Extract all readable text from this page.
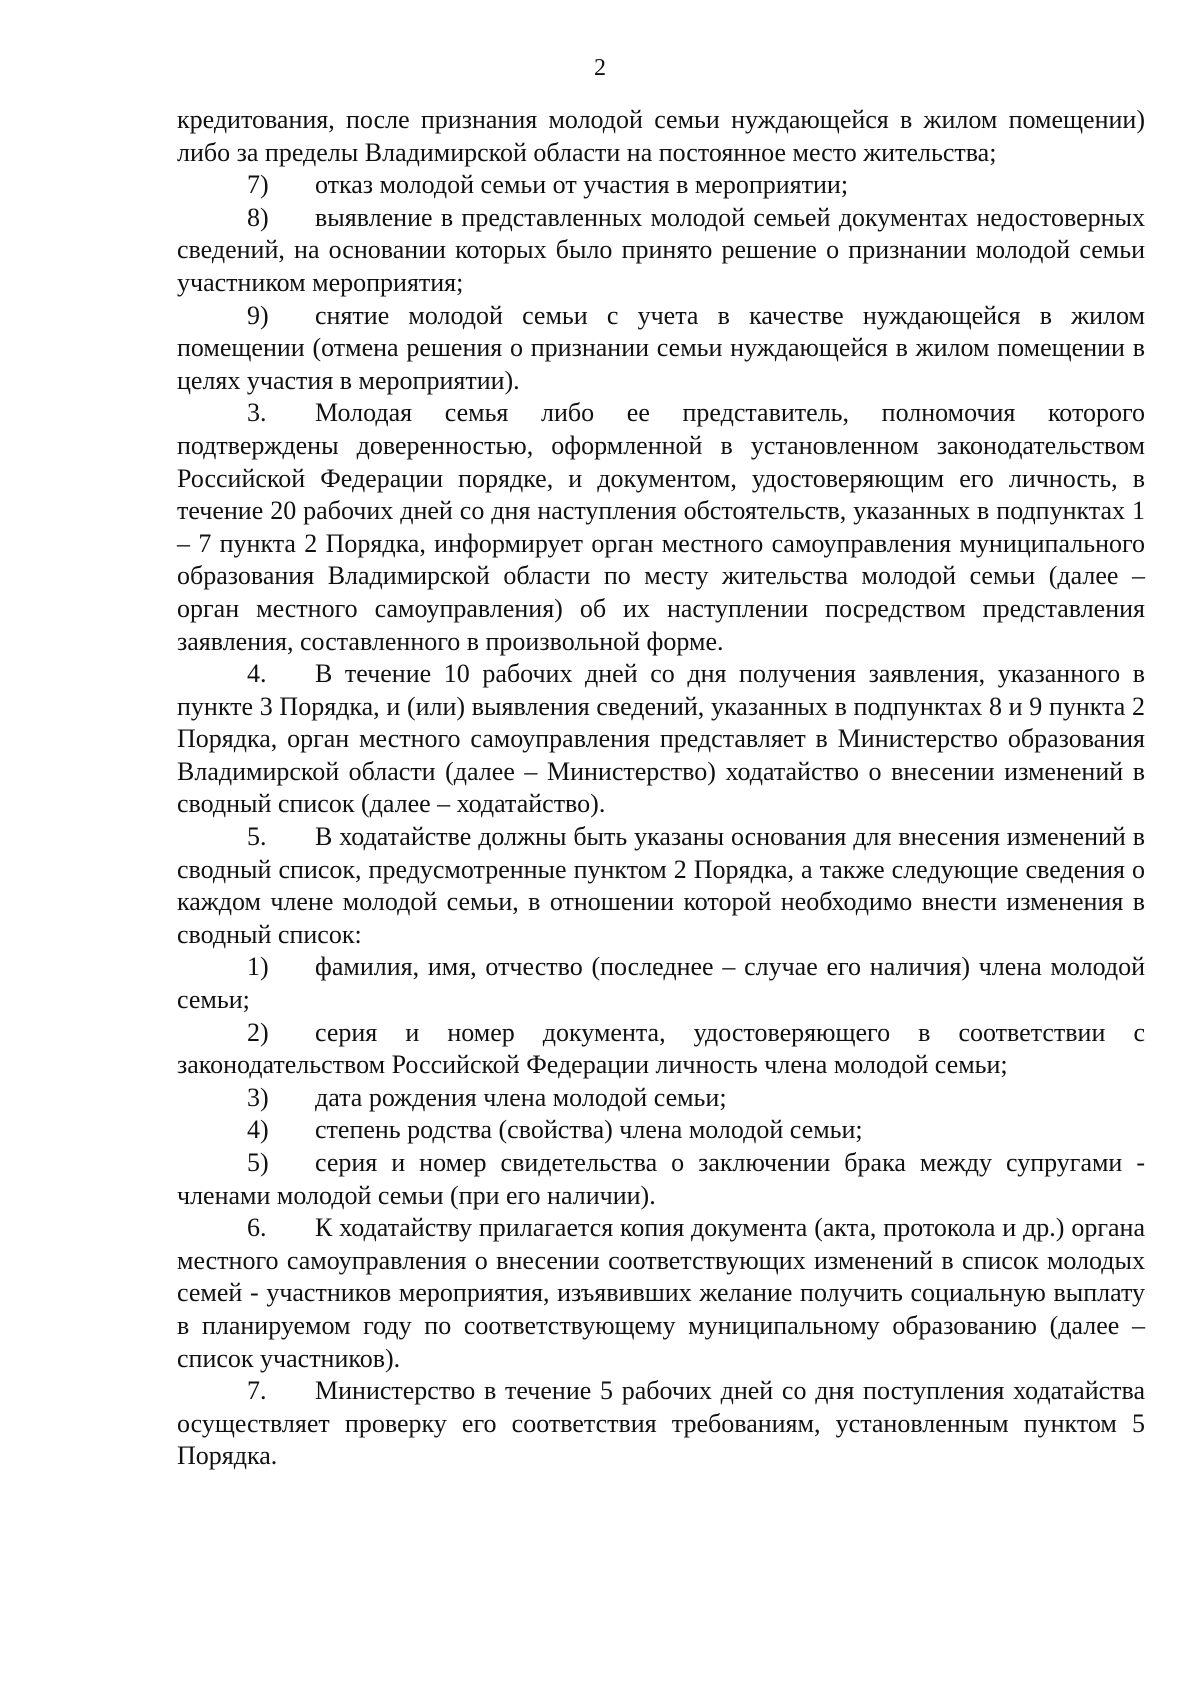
2

кредитования, после признания молодой семьи нуждающейся в жилом помещении) либо за пределы Владимирской области на постоянное место жительства;

7) отказ молодой семьи от участия в мероприятии;

8) выявление в представленных молодой семьей документах недостоверных сведений, на основании которых было принято решение о признании молодой семьи участником мероприятия;

9) снятие молодой семьи с учета в качестве нуждающейся в жилом помещении (отмена решения о признании семьи нуждающейся в жилом помещении в целях участия в мероприятии).

3. Молодая семья либо ее представитель, полномочия которого подтверждены доверенностью, оформленной в установленном законодательством Российской Федерации порядке, и документом, удостоверяющим его личность, в течение 20 рабочих дней со дня наступления обстоятельств, указанных в подпунктах 1 – 7 пункта 2 Порядка, информирует орган местного самоуправления муниципального образования Владимирской области по месту жительства молодой семьи (далее – орган местного самоуправления) об их наступлении посредством представления заявления, составленного в произвольной форме.

4. В течение 10 рабочих дней со дня получения заявления, указанного в пункте 3 Порядка, и (или) выявления сведений, указанных в подпунктах 8 и 9 пункта 2 Порядка, орган местного самоуправления представляет в Министерство образования Владимирской области (далее – Министерство) ходатайство о внесении изменений в сводный список (далее – ходатайство).

5. В ходатайстве должны быть указаны основания для внесения изменений в сводный список, предусмотренные пунктом 2 Порядка, а также следующие сведения о каждом члене молодой семьи, в отношении которой необходимо внести изменения в сводный список:

1) фамилия, имя, отчество (последнее – случае его наличия) члена молодой семьи;

2) серия и номер документа, удостоверяющего в соответствии с законодательством Российской Федерации личность члена молодой семьи;

3) дата рождения члена молодой семьи;

4) степень родства (свойства) члена молодой семьи;

5) серия и номер свидетельства о заключении брака между супругами - членами молодой семьи (при его наличии).

6. К ходатайству прилагается копия документа (акта, протокола и др.) органа местного самоуправления о внесении соответствующих изменений в список молодых семей - участников мероприятия, изъявивших желание получить социальную выплату в планируемом году по соответствующему муниципальному образованию (далее – список участников).

7. Министерство в течение 5 рабочих дней со дня поступления ходатайства осуществляет проверку его соответствия требованиям, установленным пунктом 5 Порядка.
